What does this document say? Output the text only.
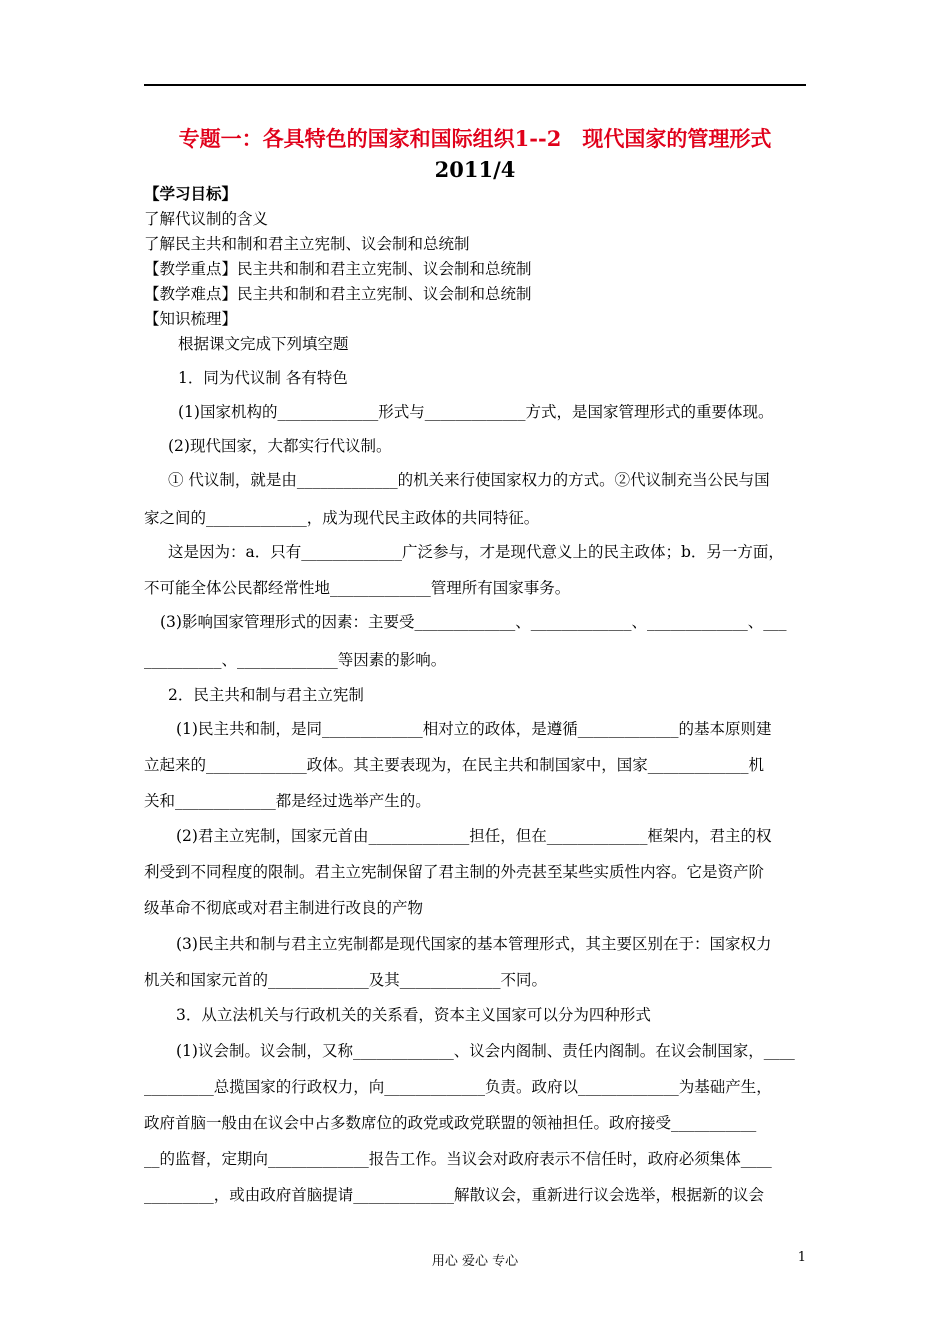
专题一：各具特色的国家和国际组织1--2　现代国家的管理形式
2011/4
【学习目标】
了解代议制的含义
了解民主共和制和君主立宪制、议会制和总统制
【教学重点】民主共和制和君主立宪制、议会制和总统制
【教学难点】民主共和制和君主立宪制、议会制和总统制
【知识梳理】
根据课文完成下列填空题
1．同为代议制 各有特色
(1)国家机构的_____________形式与_____________方式，是国家管理形式的重要体现。
(2)现代国家，大都实行代议制。
① 代议制，就是由_____________的机关来行使国家权力的方式。②代议制充当公民与国
家之间的_____________，成为现代民主政体的共同特征。
这是因为：a．只有_____________广泛参与，才是现代意义上的民主政体；b．另一方面，
不可能全体公民都经常性地_____________管理所有国家事务。
(3)影响国家管理形式的因素：主要受_____________、_____________、_____________、___
__________、_____________等因素的影响。
2．民主共和制与君主立宪制
(1)民主共和制，是同_____________相对立的政体，是遵循_____________的基本原则建
立起来的_____________政体。其主要表现为，在民主共和制国家中，国家_____________机
关和_____________都是经过选举产生的。
(2)君主立宪制，国家元首由_____________担任，但在_____________框架内，君主的权
利受到不同程度的限制。君主立宪制保留了君主制的外壳甚至某些实质性内容。它是资产阶
级革命不彻底或对君主制进行改良的产物
(3)民主共和制与君主立宪制都是现代国家的基本管理形式，其主要区别在于：国家权力
机关和国家元首的_____________及其_____________不同。
3．从立法机关与行政机关的关系看，资本主义国家可以分为四种形式
(1)议会制。议会制，又称_____________、议会内阁制、责任内阁制。在议会制国家，____
_________总揽国家的行政权力，向_____________负责。政府以_____________为基础产生，
政府首脑一般由在议会中占多数席位的政党或政党联盟的领袖担任。政府接受___________
__的监督，定期向_____________报告工作。当议会对政府表示不信任时，政府必须集体____
_________，或由政府首脑提请_____________解散议会，重新进行议会选举，根据新的议会
用心 爱心 专心	1
